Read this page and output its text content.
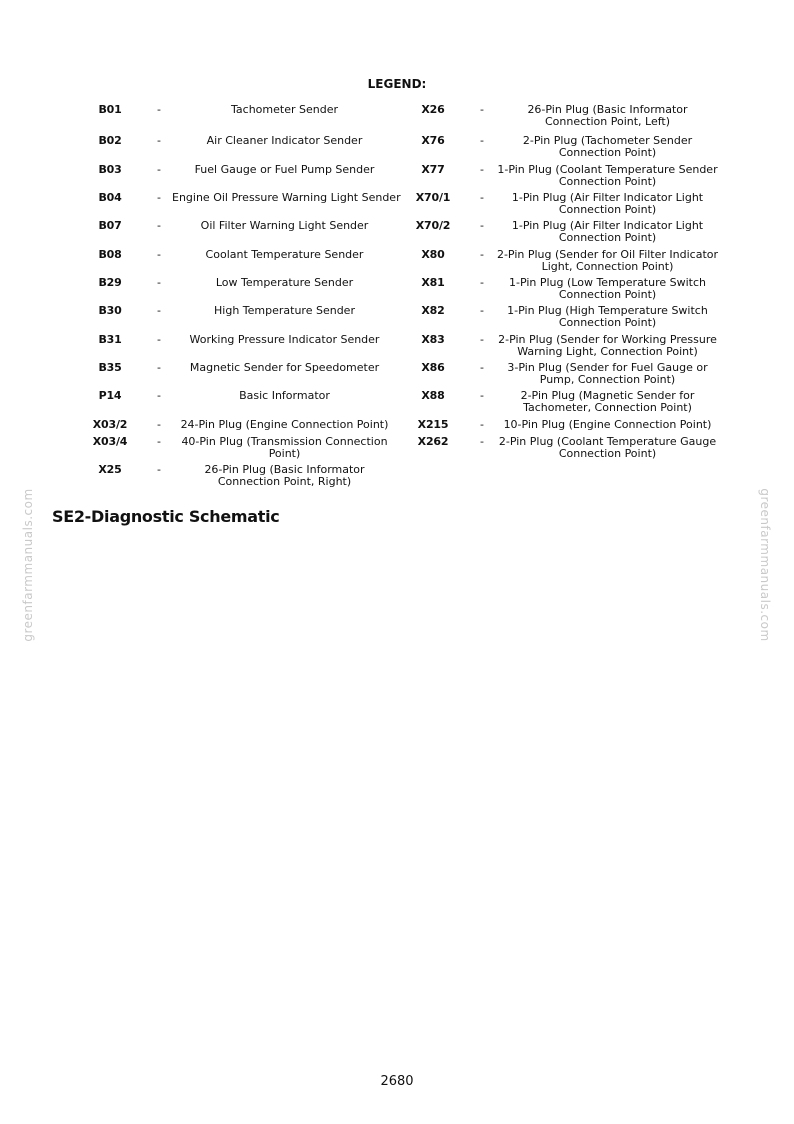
LEGEND:
B01	-	Tachometer Sender
B02	-	Air Cleaner Indicator Sender
B03	-	Fuel Gauge or Fuel Pump Sender
B04	- Engine Oil Pressure Warning Light Sender
B07	-	Oil Filter Warning Light Sender
B08	-	Coolant Temperature Sender
B29	-	Low Temperature Sender
B30	-	High Temperature Sender
B31	-	Working Pressure Indicator Sender
B35	-	Magnetic Sender for Speedometer
P14	-	Basic Informator
X03/2	-	24-Pin Plug (Engine Connection Point)
X03/4	-	40-Pin Plug (Transmission Connection Point)
X25	-	26-Pin Plug (Basic Informator Connection Point, Right)
X26	-	26-Pin Plug (Basic Informator Connection Point, Left)
X76	-	2-Pin Plug (Tachometer Sender Connection Point)
X77	- 1-Pin Plug (Coolant Temperature Sender Connection Point)
X70/1	-	1-Pin Plug (Air Filter Indicator Light Connection Point)
X70/2	-	1-Pin Plug (Air Filter Indicator Light Connection Point)
X80	- 2-Pin Plug (Sender for Oil Filter Indicator Light, Connection Point)
X81	-	1-Pin Plug (Low Temperature Switch Connection Point)
X82	-	1-Pin Plug (High Temperature Switch Connection Point)
X83	- 2-Pin Plug (Sender for Working Pressure Warning Light, Connection Point)
X86	-	3-Pin Plug (Sender for Fuel Gauge or Pump, Connection Point)
X88	-	2-Pin Plug (Magnetic Sender for Tachometer, Connection Point)
X215	-	10-Pin Plug (Engine Connection Point)
X262	-	2-Pin Plug (Coolant Temperature Gauge Connection Point)
SE2-Diagnostic Schematic
greenfarmmanuals.com	greenfarmmanuals.com
2680
